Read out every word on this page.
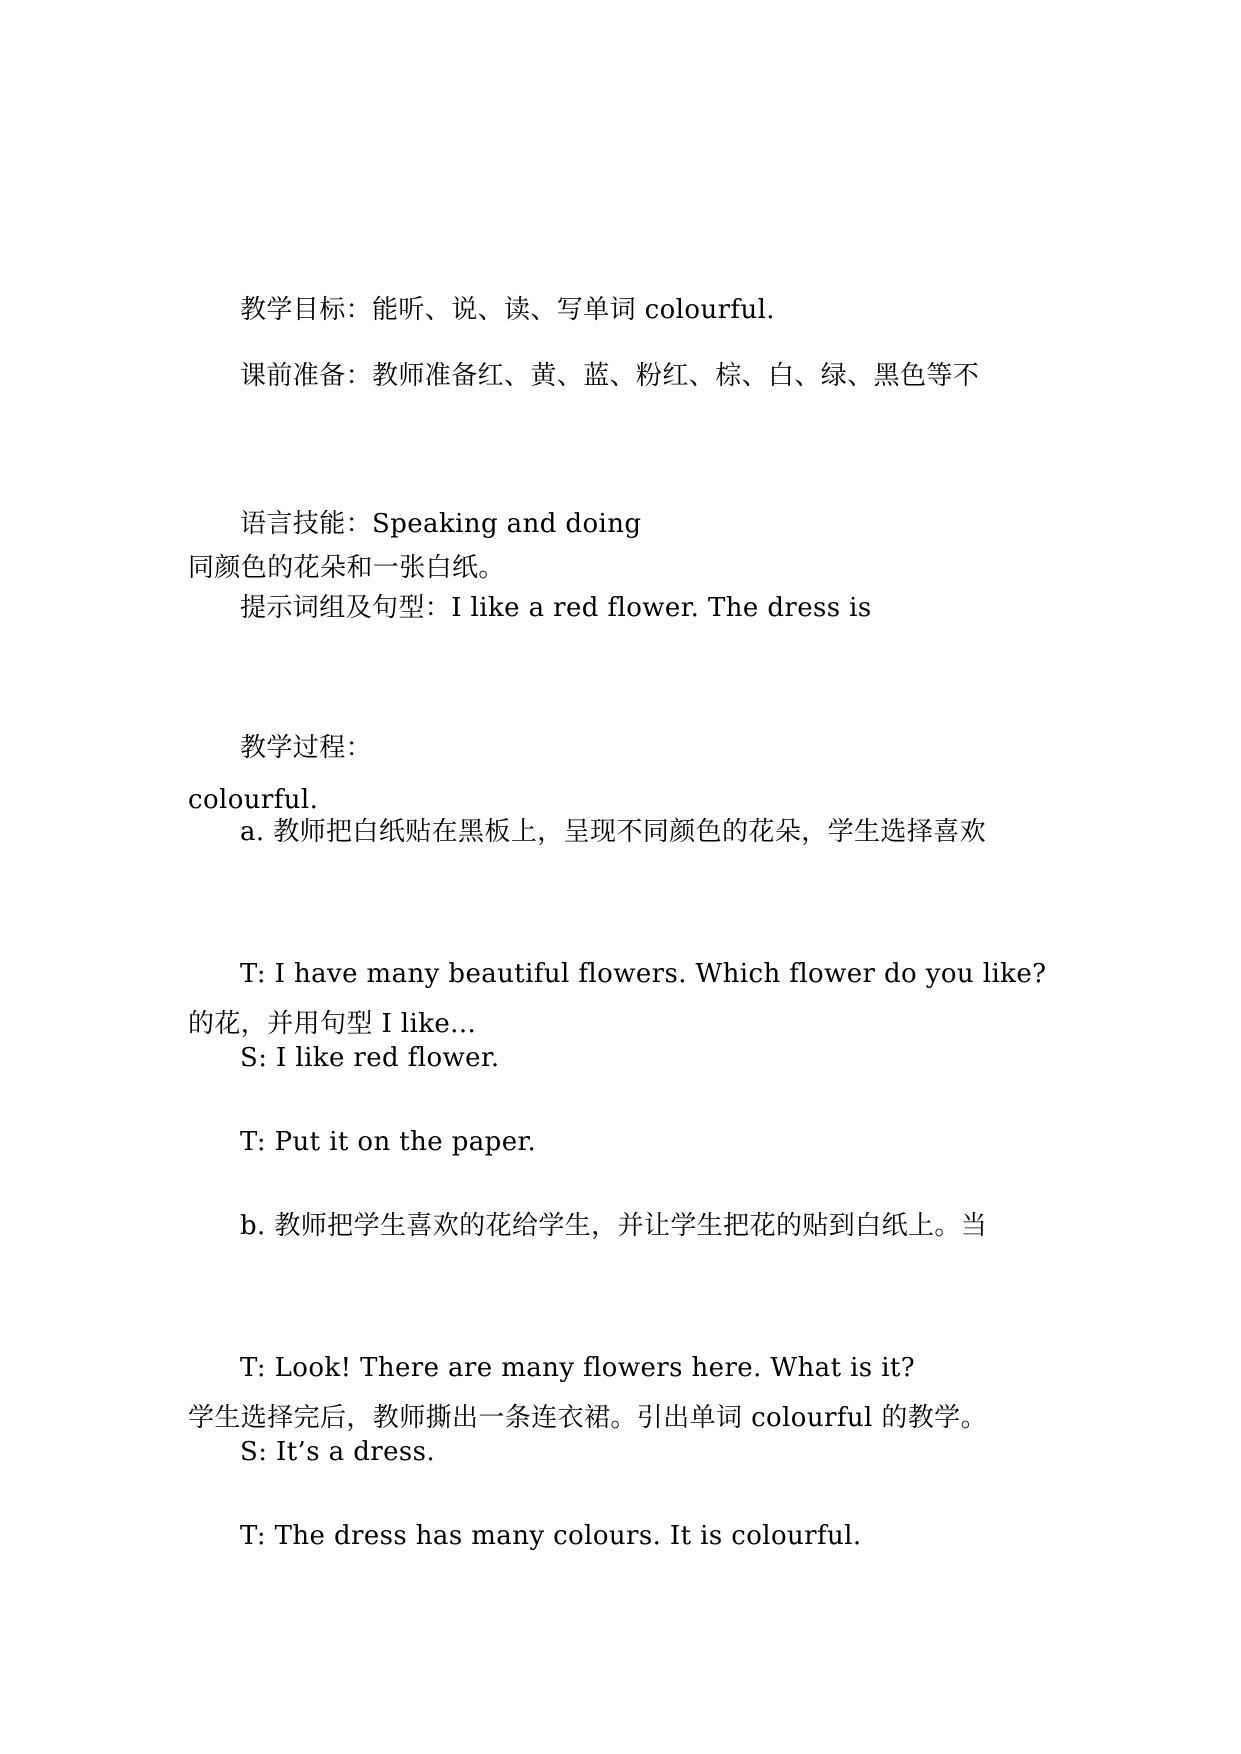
教学目标：能听、说、读、写单词 colourful.

课前准备：教师准备红、黄、蓝、粉红、棕、白、绿、黑色等不

同颜色的花朵和一张白纸。

语言技能：Speaking and doing

提示词组及句型：I like a red flower. The dress is

colourful.

教学过程：

a. 教师把白纸贴在黑板上，呈现不同颜色的花朵，学生选择喜欢

的花，并用句型 I like...

T: I have many beautiful flowers. Which flower do you like?

S: I like red flower.

T: Put it on the paper.

b. 教师把学生喜欢的花给学生，并让学生把花的贴到白纸上。当

学生选择完后，教师撕出一条连衣裙。引出单词 colourful 的教学。

T: Look! There are many flowers here. What is it?

S: It’s a dress.

T: The dress has many colours. It is colourful.
